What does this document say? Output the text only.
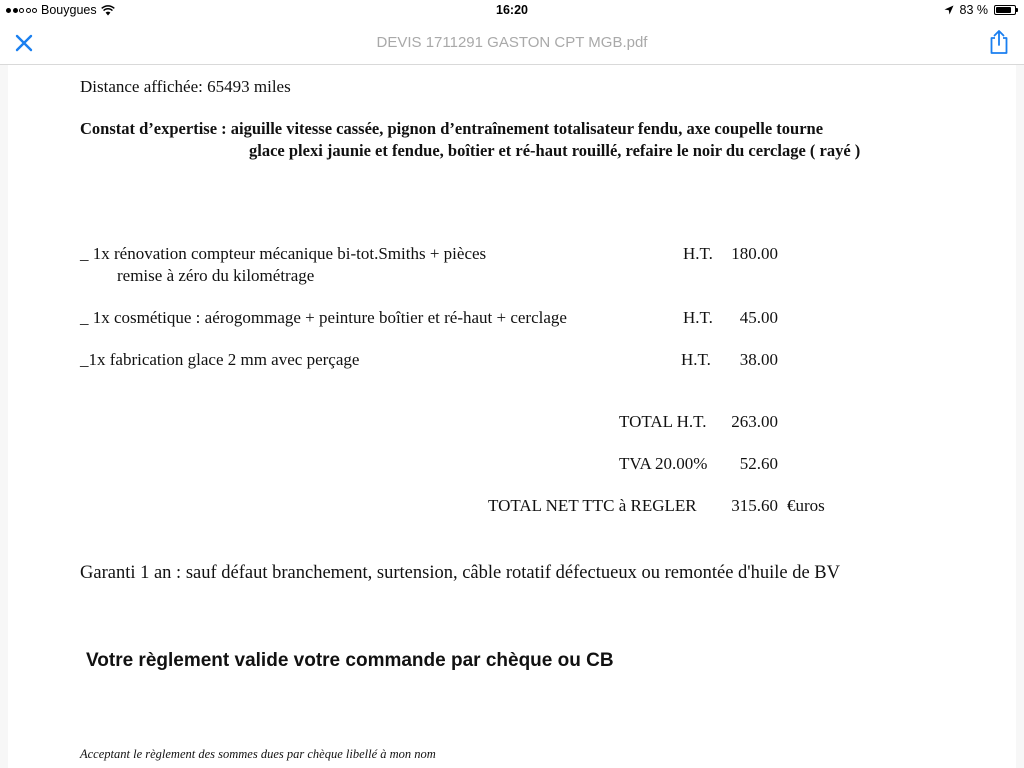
Bouygues	16:20	83 %
DEVIS 1711291 GASTON CPT MGB.pdf
Distance affichée: 65493 miles
Constat d’expertise : aiguille vitesse cassée, pignon d’entraînement totalisateur fendu, axe coupelle tourne
glace plexi jaunie et fendue, boîtier et ré-haut rouillé, refaire le noir du cerclage ( rayé )
_ 1x rénovation compteur mécanique bi-tot.Smiths + pièces
remise à zéro du kilométrage
H.T.	180.00
_ 1x cosmétique : aérogommage + peinture boîtier et ré-haut + cerclage	H.T.	45.00
_1x fabrication glace 2 mm avec perçage	H.T.	38.00
TOTAL H.T.	263.00
TVA 20.00%	52.60
TOTAL NET TTC à REGLER	315.60 €uros
Garanti 1 an : sauf défaut branchement, surtension, câble rotatif défectueux ou remontée d'huile de BV
Votre règlement valide votre commande par chèque ou CB
Acceptant le règlement des sommes dues par chèque libellé à mon nom
